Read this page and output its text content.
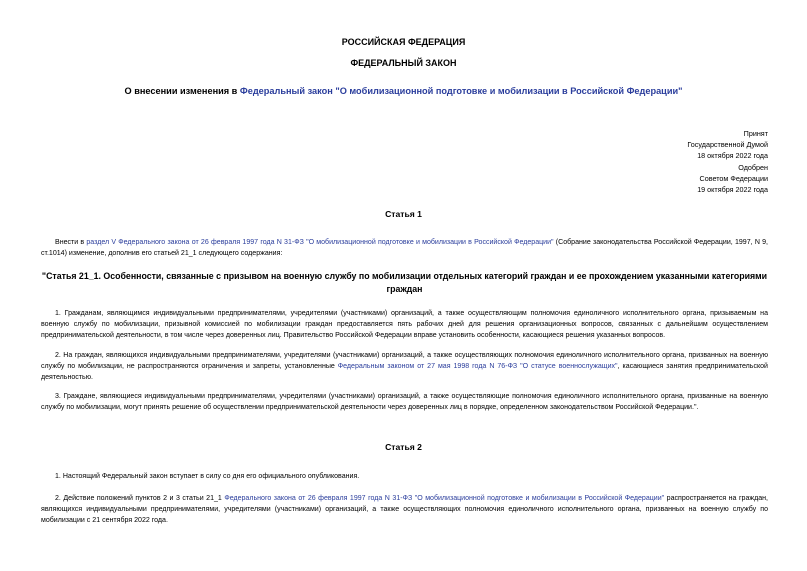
РОССИЙСКАЯ ФЕДЕРАЦИЯ
ФЕДЕРАЛЬНЫЙ ЗАКОН
О внесении изменения в Федеральный закон "О мобилизационной подготовке и мобилизации в Российской Федерации"
Принят
Государственной Думой
18 октября 2022 года
Одобрен
Советом Федерации
19 октября 2022 года
Статья 1
Внести в раздел V Федерального закона от 26 февраля 1997 года N 31-ФЗ "О мобилизационной подготовке и мобилизации в Российской Федерации" (Собрание законодательства Российской Федерации, 1997, N 9, ст.1014) изменение, дополнив его статьей 21_1 следующего содержания:
"Статья 21_1. Особенности, связанные с призывом на военную службу по мобилизации отдельных категорий граждан и ее прохождением указанными категориями граждан
1. Гражданам, являющимся индивидуальными предпринимателями, учредителями (участниками) организаций, а также осуществляющим полномочия единоличного исполнительного органа, призываемым на военную службу по мобилизации, призывной комиссией по мобилизации граждан предоставляется пять рабочих дней для решения организационных вопросов, связанных с дальнейшим осуществлением предпринимательской деятельности, в том числе через доверенных лиц. Правительство Российской Федерации вправе установить особенности, касающиеся решения указанных вопросов.
2. На граждан, являющихся индивидуальными предпринимателями, учредителями (участниками) организаций, а также осуществляющих полномочия единоличного исполнительного органа, призванных на военную службу по мобилизации, не распространяются ограничения и запреты, установленные Федеральным законом от 27 мая 1998 года N 76-ФЗ "О статусе военнослужащих", касающиеся занятия предпринимательской деятельностью.
3. Граждане, являющиеся индивидуальными предпринимателями, учредителями (участниками) организаций, а также осуществляющие полномочия единоличного исполнительного органа, призванные на военную службу по мобилизации, могут принять решение об осуществлении предпринимательской деятельности через доверенных лиц в порядке, определенном законодательством Российской Федерации.".
Статья 2
1. Настоящий Федеральный закон вступает в силу со дня его официального опубликования.
2. Действие положений пунктов 2 и 3 статьи 21_1 Федерального закона от 26 февраля 1997 года N 31-ФЗ "О мобилизационной подготовке и мобилизации в Российской Федерации" распространяется на граждан, являющихся индивидуальными предпринимателями, учредителями (участниками) организаций, а также осуществляющих полномочия единоличного исполнительного органа, призванных на военную службу по мобилизации с 21 сентября 2022 года.
